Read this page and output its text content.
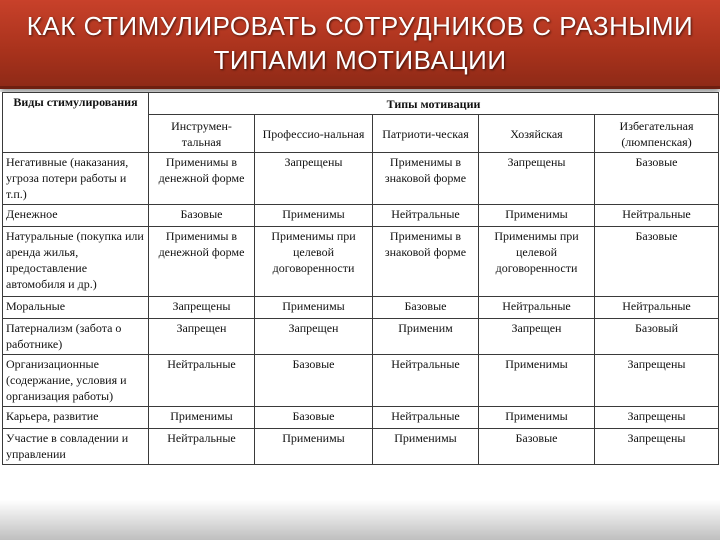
КАК СТИМУЛИРОВАТЬ СОТРУДНИКОВ С РАЗНЫМИ
ТИПАМИ МОТИВАЦИИ
Виды стимулирования	Типы мотивации				
	Инструмен-тальная	Профессио-нальная	Патриоти-ческая	Хозяйская	Избегательная (люмпенская)
Негативные (наказания, угроза потери работы и т.п.)	Применимы в денежной форме	Запрещены	Применимы в знаковой форме	Запрещены	Базовые
Денежное	Базовые	Применимы	Нейтральные	Применимы	Нейтральные
Натуральные (покупка или аренда жилья, предоставление автомобиля и др.)	Применимы в денежной форме	Применимы при целевой договоренности	Применимы в знаковой форме	Применимы при целевой договоренности	Базовые
Моральные	Запрещены	Применимы	Базовые	Нейтральные	Нейтральные
Патернализм (забота о работнике)	Запрещен	Запрещен	Применим	Запрещен	Базовый
Организационные (содержание, условия и организация работы)	Нейтральные	Базовые	Нейтральные	Применимы	Запрещены
Карьера, развитие	Применимы	Базовые	Нейтральные	Применимы	Запрещены
Участие в совладении и управлении	Нейтральные	Применимы	Применимы	Базовые	Запрещены
